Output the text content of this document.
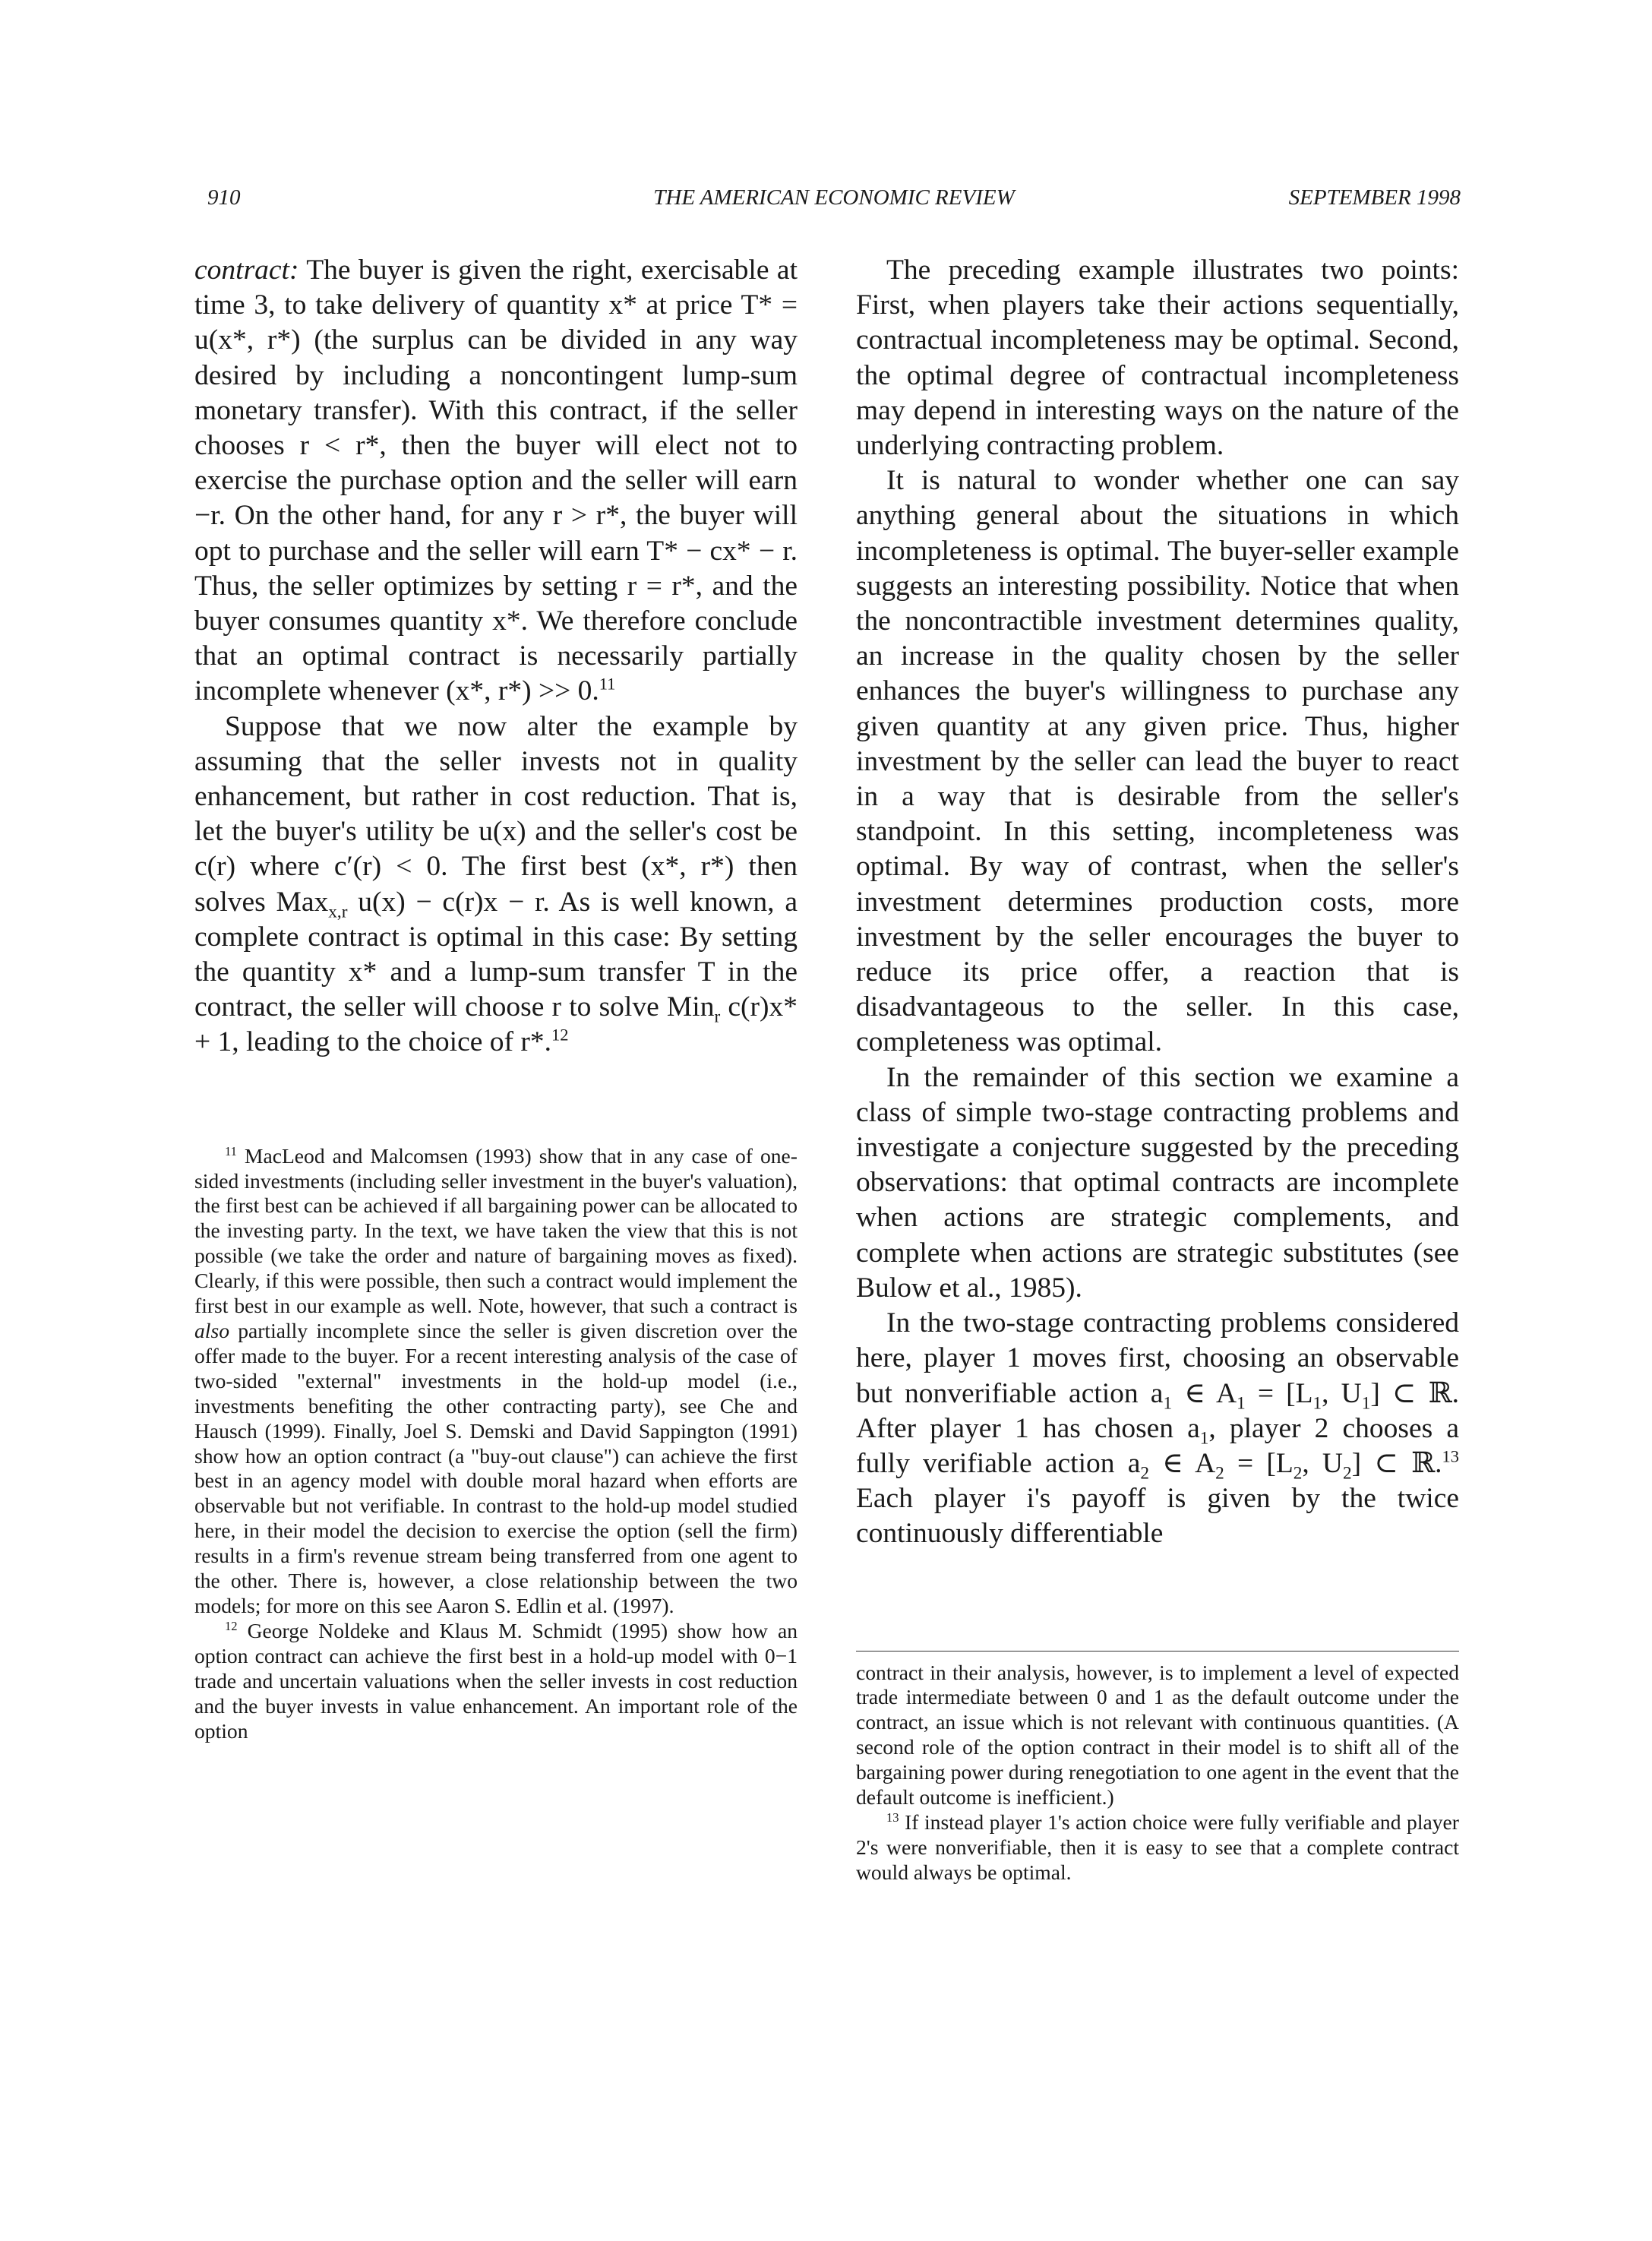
910	THE AMERICAN ECONOMIC REVIEW	SEPTEMBER 1998

contract: The buyer is given the right, exercisable at time 3, to take delivery of quantity x* at price T* = u(x*, r*) (the surplus can be divided in any way desired by including a noncontingent lump-sum monetary transfer). With this contract, if the seller chooses r < r*, then the buyer will elect not to exercise the purchase option and the seller will earn −r. On the other hand, for any r > r*, the buyer will opt to purchase and the seller will earn T* − cx* − r. Thus, the seller optimizes by setting r = r*, and the buyer consumes quantity x*. We therefore conclude that an optimal contract is necessarily partially incomplete whenever (x*, r*) >> 0.11

Suppose that we now alter the example by assuming that the seller invests not in quality enhancement, but rather in cost reduction. That is, let the buyer's utility be u(x) and the seller's cost be c(r) where c′(r) < 0. The first best (x*, r*) then solves Max$_{x,r}$ u(x) − c(r)x − r. As is well known, a complete contract is optimal in this case: By setting the quantity x* and a lump-sum transfer T in the contract, the seller will choose r to solve Min$_r$ c(r)x* + 1, leading to the choice of r*.$^{12}$

$^{11}$ MacLeod and Malcomsen (1993) show that in any case of one-sided investments (including seller investment in the buyer's valuation), the first best can be achieved if all bargaining power can be allocated to the investing party. In the text, we have taken the view that this is not possible (we take the order and nature of bargaining moves as fixed). Clearly, if this were possible, then such a contract would implement the first best in our example as well. Note, however, that such a contract is also partially incomplete since the seller is given discretion over the offer made to the buyer. For a recent interesting analysis of the case of two-sided "external" investments in the hold-up model (i.e., investments benefiting the other contracting party), see Che and Hausch (1999). Finally, Joel S. Demski and David Sappington (1991) show how an option contract (a "buy-out clause") can achieve the first best in an agency model with double moral hazard when efforts are observable but not verifiable. In contrast to the hold-up model studied here, in their model the decision to exercise the option (sell the firm) results in a firm's revenue stream being transferred from one agent to the other. There is, however, a close relationship between the two models; for more on this see Aaron S. Edlin et al. (1997).

$^{12}$ George Noldeke and Klaus M. Schmidt (1995) show how an option contract can achieve the first best in a hold-up model with 0−1 trade and uncertain valuations when the seller invests in cost reduction and the buyer invests in value enhancement. An important role of the option

The preceding example illustrates two points: First, when players take their actions sequentially, contractual incompleteness may be optimal. Second, the optimal degree of contractual incompleteness may depend in interesting ways on the nature of the underlying contracting problem.

It is natural to wonder whether one can say anything general about the situations in which incompleteness is optimal. The buyer-seller example suggests an interesting possibility. Notice that when the noncontractible investment determines quality, an increase in the quality chosen by the seller enhances the buyer's willingness to purchase any given quantity at any given price. Thus, higher investment by the seller can lead the buyer to react in a way that is desirable from the seller's standpoint. In this setting, incompleteness was optimal. By way of contrast, when the seller's investment determines production costs, more investment by the seller encourages the buyer to reduce its price offer, a reaction that is disadvantageous to the seller. In this case, completeness was optimal.

In the remainder of this section we examine a class of simple two-stage contracting problems and investigate a conjecture suggested by the preceding observations: that optimal contracts are incomplete when actions are strategic complements, and complete when actions are strategic substitutes (see Bulow et al., 1985).

In the two-stage contracting problems considered here, player 1 moves first, choosing an observable but nonverifiable action $a_1$ ∈ $A_1 = [L_1$, $U_1$] ⊂ ℝ. After player 1 has chosen $a_1$, player 2 chooses a fully verifiable action $a_2$ ∈ $A_2 = [L_2$, $U_2$] ⊂ ℝ.$^{13}$ Each player i's payoff is given by the twice continuously differentiable

contract in their analysis, however, is to implement a level of expected trade intermediate between 0 and 1 as the default outcome under the contract, an issue which is not relevant with continuous quantities. (A second role of the option contract in their model is to shift all of the bargaining power during renegotiation to one agent in the event that the default outcome is inefficient.)

$^{13}$ If instead player 1's action choice were fully verifiable and player 2's were nonverifiable, then it is easy to see that a complete contract would always be optimal.
